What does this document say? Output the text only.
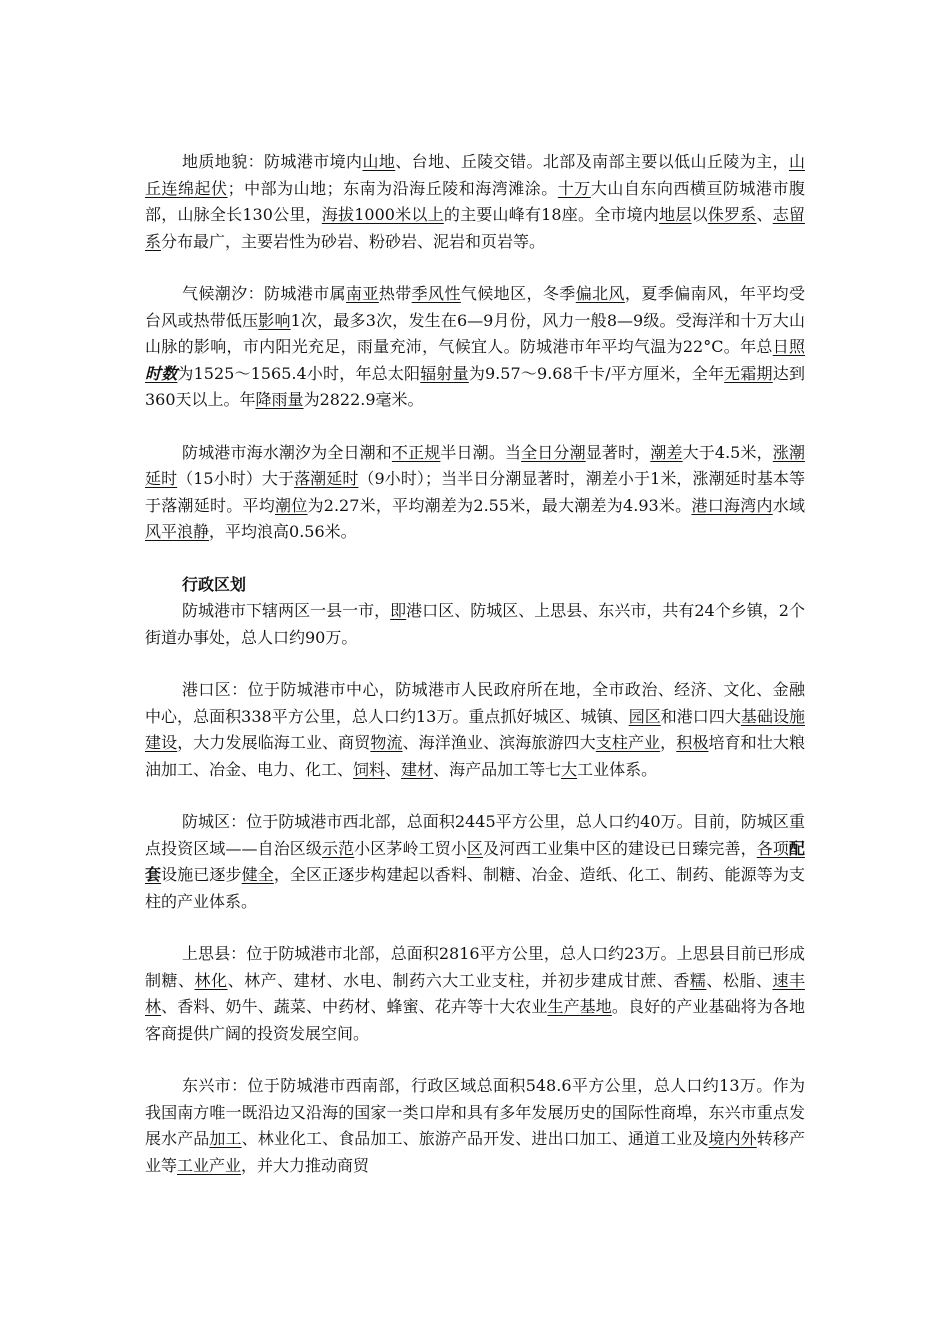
地质地貌：防城港市境内山地、台地、丘陵交错。北部及南部主要以低山丘陵为主，山丘连绵起伏；中部为山地；东南为沿海丘陵和海湾滩涂。十万大山自东向西横亘防城港市腹部，山脉全长130公里，海拔1000米以上的主要山峰有18座。全市境内地层以侏罗系、志留系分布最广，主要岩性为砂岩、粉砂岩、泥岩和页岩等。

气候潮汐：防城港市属南亚热带季风性气候地区，冬季偏北风，夏季偏南风，年平均受台风或热带低压影响1次，最多3次，发生在6—9月份，风力一般8—9级。受海洋和十万大山山脉的影响，市内阳光充足，雨量充沛，气候宜人。防城港市年平均气温为22°C。年总日照时数为1525～1565.4小时，年总太阳辐射量为9.57～9.68千卡/平方厘米，全年无霜期达到360天以上。年降雨量为2822.9毫米。

防城港市海水潮汐为全日潮和不正规半日潮。当全日分潮显著时，潮差大于4.5米，涨潮延时（15小时）大于落潮延时（9小时）；当半日分潮显著时，潮差小于1米，涨潮延时基本等于落潮延时。平均潮位为2.27米，平均潮差为2.55米，最大潮差为4.93米。港口海湾内水域风平浪静，平均浪高0.56米。

行政区划

防城港市下辖两区一县一市，即港口区、防城区、上思县、东兴市，共有24个乡镇，2个街道办事处，总人口约90万。

港口区：位于防城港市中心，防城港市人民政府所在地，全市政治、经济、文化、金融中心，总面积338平方公里，总人口约13万。重点抓好城区、城镇、园区和港口四大基础设施建设，大力发展临海工业、商贸物流、海洋渔业、滨海旅游四大支柱产业，积极培育和壮大粮油加工、冶金、电力、化工、饲料、建材、海产品加工等七大工业体系。

防城区：位于防城港市西北部，总面积2445平方公里，总人口约40万。目前，防城区重点投资区域——自治区级示范小区茅岭工贸小区及河西工业集中区的建设已日臻完善，各项配套设施已逐步健全，全区正逐步构建起以香料、制糖、冶金、造纸、化工、制药、能源等为支柱的产业体系。

上思县：位于防城港市北部，总面积2816平方公里，总人口约23万。上思县目前已形成制糖、林化、林产、建材、水电、制药六大工业支柱，并初步建成甘蔗、香糯、松脂、速丰林、香料、奶牛、蔬菜、中药材、蜂蜜、花卉等十大农业生产基地。良好的产业基础将为各地客商提供广阔的投资发展空间。

东兴市：位于防城港市西南部，行政区域总面积548.6平方公里，总人口约13万。作为我国南方唯一既沿边又沿海的国家一类口岸和具有多年发展历史的国际性商埠，东兴市重点发展水产品加工、林业化工、食品加工、旅游产品开发、进出口加工、通道工业及境内外转移产业等工业产业，并大力推动商贸
